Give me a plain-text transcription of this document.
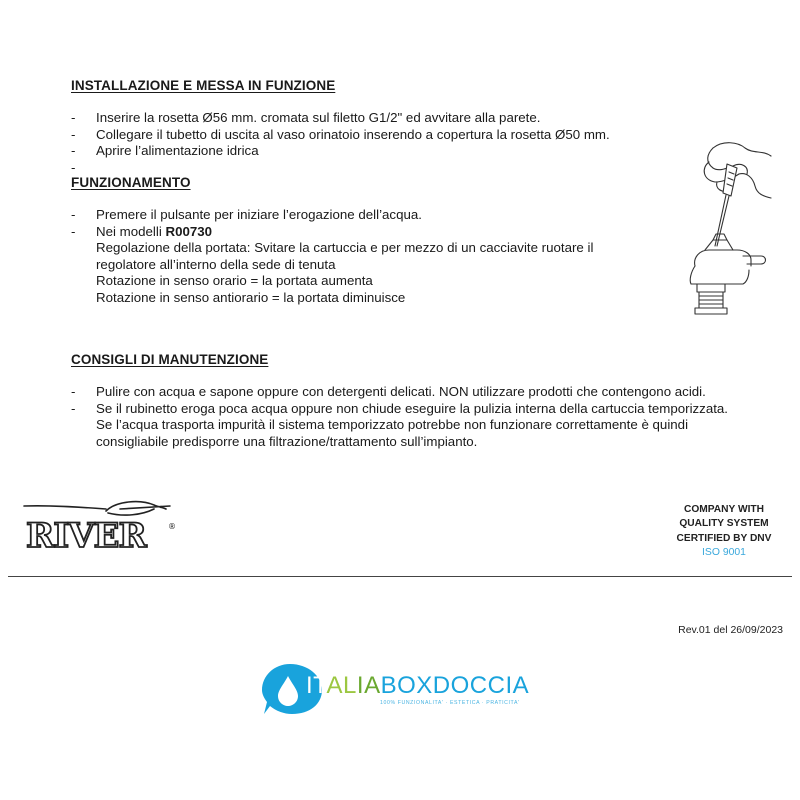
INSTALLAZIONE E MESSA IN FUNZIONE
- Inserire la rosetta Ø56 mm. cromata sul filetto G1/2" ed avvitare alla parete.
- Collegare il tubetto di uscita al vaso orinatoio inserendo a copertura la rosetta Ø50 mm.
- Aprire l’alimentazione idrica
-
FUNZIONAMENTO
- Premere il pulsante per iniziare l’erogazione dell’acqua.
- Nei modelli R00730
Regolazione della portata: Svitare la cartuccia e per mezzo di un cacciavite ruotare il
regolatore all’interno della sede di tenuta
Rotazione in senso orario = la portata aumenta
Rotazione in senso antiorario = la portata diminuisce
CONSIGLI DI MANUTENZIONE
- Pulire con acqua e sapone oppure con detergenti delicati. NON utilizzare prodotti che contengono acidi.
- Se il rubinetto eroga poca acqua oppure non chiude eseguire la pulizia interna della cartuccia temporizzata.
Se l’acqua trasporta impurità il sistema temporizzato potrebbe non funzionare correttamente è quindi
consigliabile predisporre una filtrazione/trattamento sull’impianto.
RIVER	®
COMPANY WITH
QUALITY SYSTEM
CERTIFIED BY DNV
ISO 9001
Rev.01 del 26/09/2023
ITALIABOXDOCCIA
100% FUNZIONALITA' · ESTETICA · PRATICITA'
